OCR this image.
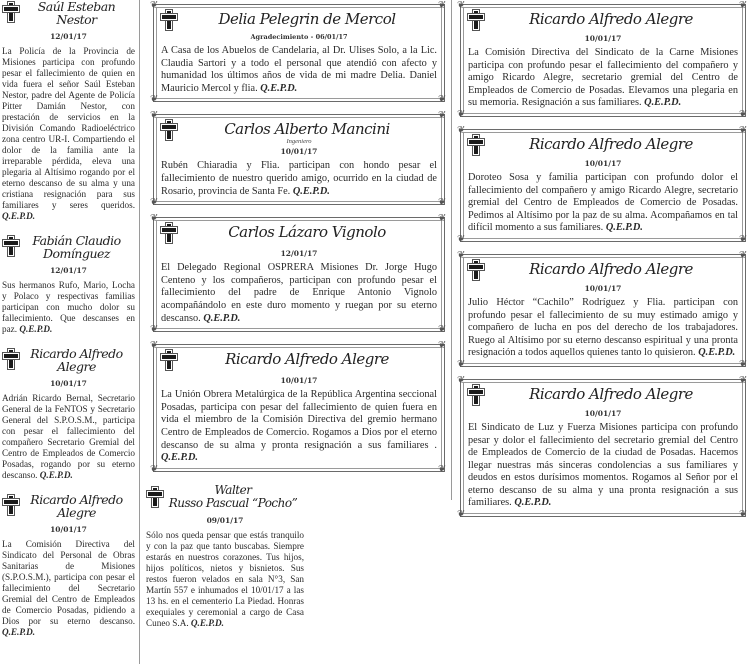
Saúl Esteban
Nestor
12/01/17
La Policía de la Provincia de Misiones participa con profundo pesar el fallecimiento de quien en vida fuera el señor Saúl Esteban Nestor, padre del Agente de Policía Pitter Damián Nestor, con prestación de servicios en la División Comando Radioeléctrico zona centro UR-I. Compartiendo el dolor de la familia ante la irreparable pérdida, eleva una plegaria al Altísimo rogando por el eterno descanso de su alma y una cristiana resignación para sus familiares y seres queridos. Q.E.P.D.
Fabián Claudio
Domínguez
12/01/17
Sus hermanos Rufo, Mario, Locha y Polaco y respectivas familias participan con mucho dolor su fallecimiento. Que descanses en paz. Q.E.P.D.
Ricardo Alfredo
Alegre
10/01/17
Adrián Ricardo Bernal, Secretario General de la FeNTOS y Secretario General del S.P.O.S.M., participa con pesar el fallecimiento del compañero Secretario Gremial del Centro de Empleados de Comercio Posadas, rogando por su eterno descanso. Q.E.P.D.
Ricardo Alfredo
Alegre
10/01/17
La Comisión Directiva del Sindicato del Personal de Obras Sanitarias de Misiones (S.P.O.S.M.), participa con pesar el fallecimiento del Secretario Gremial del Centro de Empleados de Comercio Posadas, pidiendo a Dios por su eterno descanso. Q.E.P.D.
❦	❦
❦	❦
Delia Pelegrin de Mercol
Agradecimiento - 06/01/17
A Casa de los Abuelos de Candelaria, al Dr. Ulises Solo, a la Lic. Claudia Sartori y a todo el personal que atendió con afecto y humanidad los últimos años de vida de mi madre Delia. Daniel Mauricio Mercol y flia. Q.E.P.D.
❦	❦
❦	❦
Carlos Alberto Mancini
Ingeniero
10/01/17
Rubén Chiaradia y Flia. participan con hondo pesar el fallecimiento de nuestro querido amigo, ocurrido en la ciudad de Rosario, provincia de Santa Fe. Q.E.P.D.
❦	❦
❦	❦
Carlos Lázaro Vignolo
12/01/17
El Delegado Regional OSPRERA Misiones Dr. Jorge Hugo Centeno y los compañeros, participan con profundo pesar el fallecimiento del padre de Enrique Antonio Vignolo acompañándolo en este duro momento y ruegan por su eterno descanso. Q.E.P.D.
❦	❦
❦	❦
Ricardo Alfredo Alegre
10/01/17
La Unión Obrera Metalúrgica de la República Argentina seccional Posadas, participa con pesar del fallecimiento de quien fuera en vida el miembro de la Comisión Directiva del gremio hermano Centro de Empleados de Comercio. Rogamos a Dios por el eterno descanso de su alma y pronta resignación a sus familiares . Q.E.P.D.
Walter
Russo Pascual “Pocho”
09/01/17
Sólo nos queda pensar que estás tranquilo y con la paz que tanto buscabas. Siempre estarás en nuestros corazones. Tus hijos, hijos políticos, nietos y bisnietos. Sus restos fueron velados en sala N°3, San Martín 557 e inhumados el 10/01/17 a las 13 hs. en el cementerio La Piedad. Honras exequiales y ceremonial a cargo de Casa Cuneo S.A. Q.E.P.D.
❦	❦
❦	❦
Ricardo Alfredo Alegre
10/01/17
La Comisión Directiva del Sindicato de la Carne Misiones participa con profundo pesar el fallecimiento del compañero y amigo Ricardo Alegre, secretario gremial del Centro de Empleados de Comercio de Posadas. Elevamos una plegaria en su memoria. Resignación a sus familiares. Q.E.P.D.
❦	❦
❦	❦
Ricardo Alfredo Alegre
10/01/17
Doroteo Sosa y familia participan con profundo dolor el fallecimiento del compañero y amigo Ricardo Alegre, secretario gremial del Centro de Empleados de Comercio de Posadas. Pedimos al Altísimo por la paz de su alma. Acompañamos en tal difícil momento a sus familiares. Q.E.P.D.
❦	❦
❦	❦
Ricardo Alfredo Alegre
10/01/17
Julio Héctor “Cachilo” Rodríguez y Flia. participan con profundo pesar el fallecimiento de su muy estimado amigo y compañero de lucha en pos del derecho de los trabajadores. Ruego al Altísimo por su eterno descanso espiritual y una pronta resignación a todos aquellos quienes tanto lo quisieron. Q.E.P.D.
❦	❦
❦	❦
Ricardo Alfredo Alegre
10/01/17
El Sindicato de Luz y Fuerza Misiones participa con profundo pesar y dolor el fallecimiento del secretario gremial del Centro de Empleados de Comercio de la ciudad de Posadas. Hacemos llegar nuestras más sinceras condolencias a sus familiares y deudos en estos durísimos momentos. Rogamos al Señor por el eterno descanso de su alma y una pronta resignación a sus familiares. Q.E.P.D.
